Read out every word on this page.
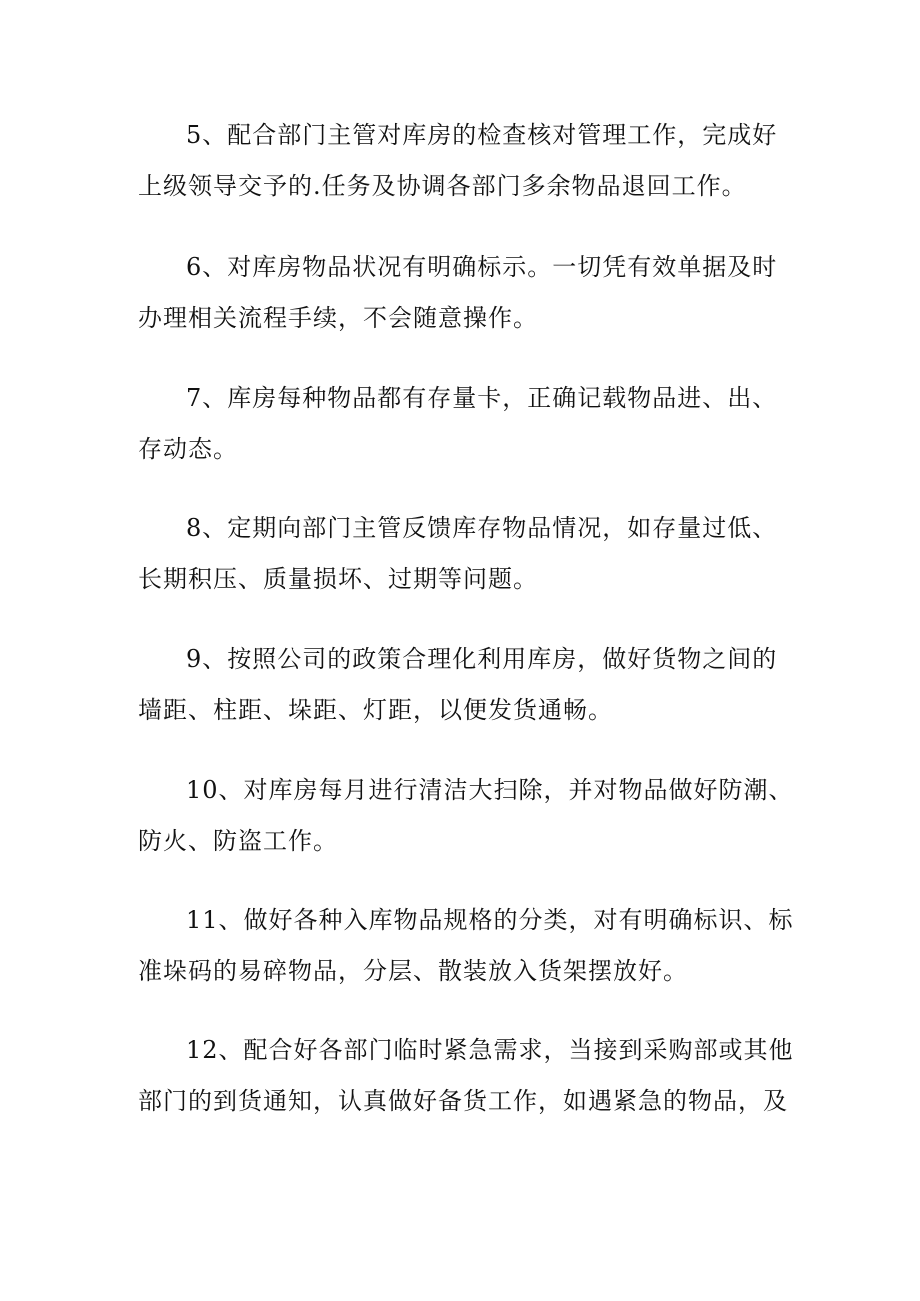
5、配合部门主管对库房的检查核对管理工作，完成好上级领导交予的.任务及协调各部门多余物品退回工作。

6、对库房物品状况有明确标示。一切凭有效单据及时办理相关流程手续，不会随意操作。

7、库房每种物品都有存量卡，正确记载物品进、出、存动态。

8、定期向部门主管反馈库存物品情况，如存量过低、长期积压、质量损坏、过期等问题。

9、按照公司的政策合理化利用库房，做好货物之间的墙距、柱距、垛距、灯距，以便发货通畅。

10、对库房每月进行清洁大扫除，并对物品做好防潮、防火、防盗工作。

11、做好各种入库物品规格的分类，对有明确标识、标准垛码的易碎物品，分层、散装放入货架摆放好。

12、配合好各部门临时紧急需求，当接到采购部或其他部门的到货通知，认真做好备货工作，如遇紧急的物品，及
